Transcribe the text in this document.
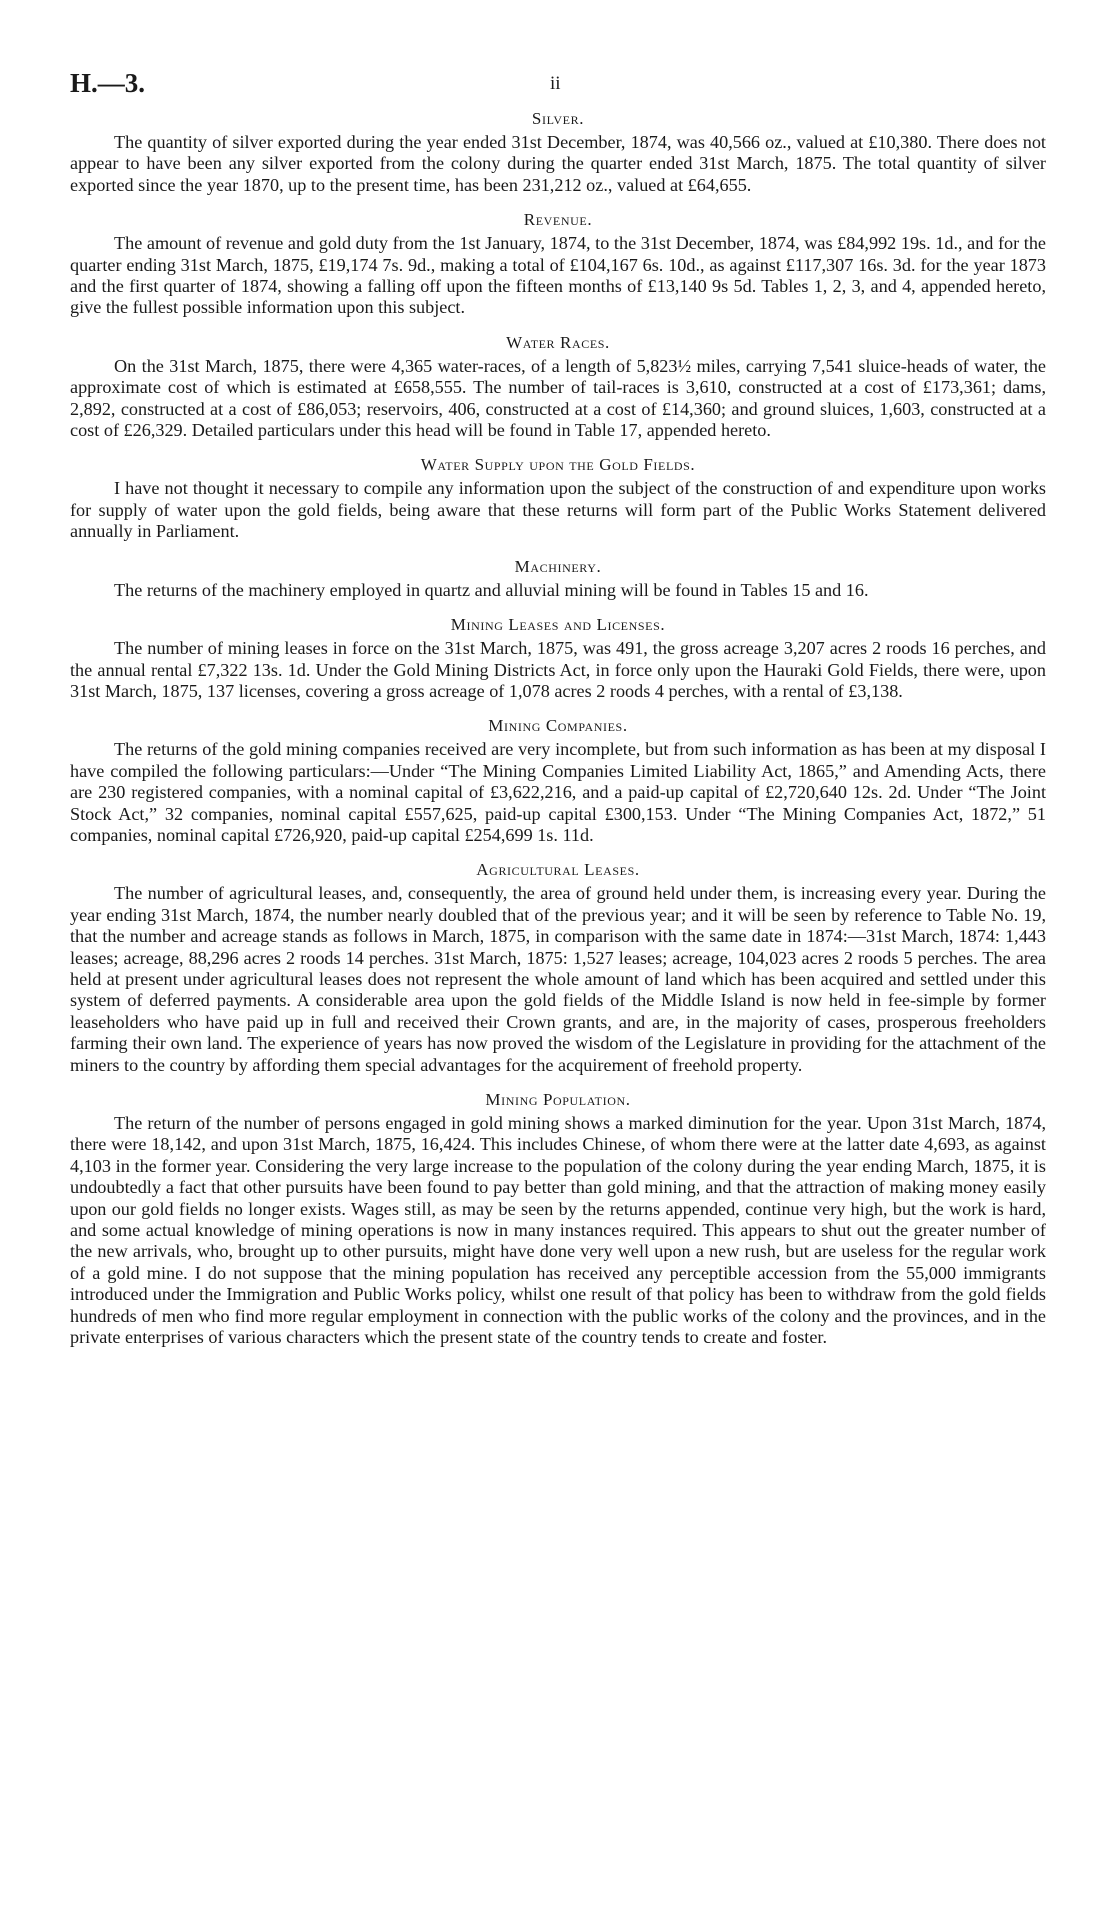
H.—3.	ii
Silver.

The quantity of silver exported during the year ended 31st December, 1874, was 40,566 oz., valued at £10,380. There does not appear to have been any silver exported from the colony during the quarter ended 31st March, 1875. The total quantity of silver exported since the year 1870, up to the present time, has been 231,212 oz., valued at £64,655.

Revenue.

The amount of revenue and gold duty from the 1st January, 1874, to the 31st December, 1874, was £84,992 19s. 1d., and for the quarter ending 31st March, 1875, £19,174 7s. 9d., making a total of £104,167 6s. 10d., as against £117,307 16s. 3d. for the year 1873 and the first quarter of 1874, showing a falling off upon the fifteen months of £13,140 9s 5d. Tables 1, 2, 3, and 4, appended hereto, give the fullest possible information upon this subject.

Water Races.

On the 31st March, 1875, there were 4,365 water-races, of a length of 5,823½ miles, carrying 7,541 sluice-heads of water, the approximate cost of which is estimated at £658,555. The number of tail-races is 3,610, constructed at a cost of £173,361; dams, 2,892, constructed at a cost of £86,053; reservoirs, 406, constructed at a cost of £14,360; and ground sluices, 1,603, constructed at a cost of £26,329. Detailed particulars under this head will be found in Table 17, appended hereto.

Water Supply upon the Gold Fields.

I have not thought it necessary to compile any information upon the subject of the construction of and expenditure upon works for supply of water upon the gold fields, being aware that these returns will form part of the Public Works Statement delivered annually in Parliament.

Machinery.

The returns of the machinery employed in quartz and alluvial mining will be found in Tables 15 and 16.

Mining Leases and Licenses.

The number of mining leases in force on the 31st March, 1875, was 491, the gross acreage 3,207 acres 2 roods 16 perches, and the annual rental £7,322 13s. 1d. Under the Gold Mining Districts Act, in force only upon the Hauraki Gold Fields, there were, upon 31st March, 1875, 137 licenses, covering a gross acreage of 1,078 acres 2 roods 4 perches, with a rental of £3,138.

Mining Companies.

The returns of the gold mining companies received are very incomplete, but from such information as has been at my disposal I have compiled the following particulars:—Under “The Mining Companies Limited Liability Act, 1865,” and Amending Acts, there are 230 registered companies, with a nominal capital of £3,622,216, and a paid-up capital of £2,720,640 12s. 2d. Under “The Joint Stock Act,” 32 companies, nominal capital £557,625, paid-up capital £300,153. Under “The Mining Companies Act, 1872,” 51 companies, nominal capital £726,920, paid-up capital £254,699 1s. 11d.

Agricultural Leases.

The number of agricultural leases, and, consequently, the area of ground held under them, is increasing every year. During the year ending 31st March, 1874, the number nearly doubled that of the previous year; and it will be seen by reference to Table No. 19, that the number and acreage stands as follows in March, 1875, in comparison with the same date in 1874:—31st March, 1874: 1,443 leases; acreage, 88,296 acres 2 roods 14 perches. 31st March, 1875: 1,527 leases; acreage, 104,023 acres 2 roods 5 perches. The area held at present under agricultural leases does not represent the whole amount of land which has been acquired and settled under this system of deferred payments. A considerable area upon the gold fields of the Middle Island is now held in fee-simple by former leaseholders who have paid up in full and received their Crown grants, and are, in the majority of cases, prosperous freeholders farming their own land. The experience of years has now proved the wisdom of the Legislature in providing for the attachment of the miners to the country by affording them special advantages for the acquirement of freehold property.

Mining Population.

The return of the number of persons engaged in gold mining shows a marked diminution for the year. Upon 31st March, 1874, there were 18,142, and upon 31st March, 1875, 16,424. This includes Chinese, of whom there were at the latter date 4,693, as against 4,103 in the former year. Considering the very large increase to the population of the colony during the year ending March, 1875, it is undoubtedly a fact that other pursuits have been found to pay better than gold mining, and that the attraction of making money easily upon our gold fields no longer exists. Wages still, as may be seen by the returns appended, continue very high, but the work is hard, and some actual knowledge of mining operations is now in many instances required. This appears to shut out the greater number of the new arrivals, who, brought up to other pursuits, might have done very well upon a new rush, but are useless for the regular work of a gold mine. I do not suppose that the mining population has received any perceptible accession from the 55,000 immigrants introduced under the Immigration and Public Works policy, whilst one result of that policy has been to withdraw from the gold fields hundreds of men who find more regular employment in connection with the public works of the colony and the provinces, and in the private enterprises of various characters which the present state of the country tends to create and foster.
